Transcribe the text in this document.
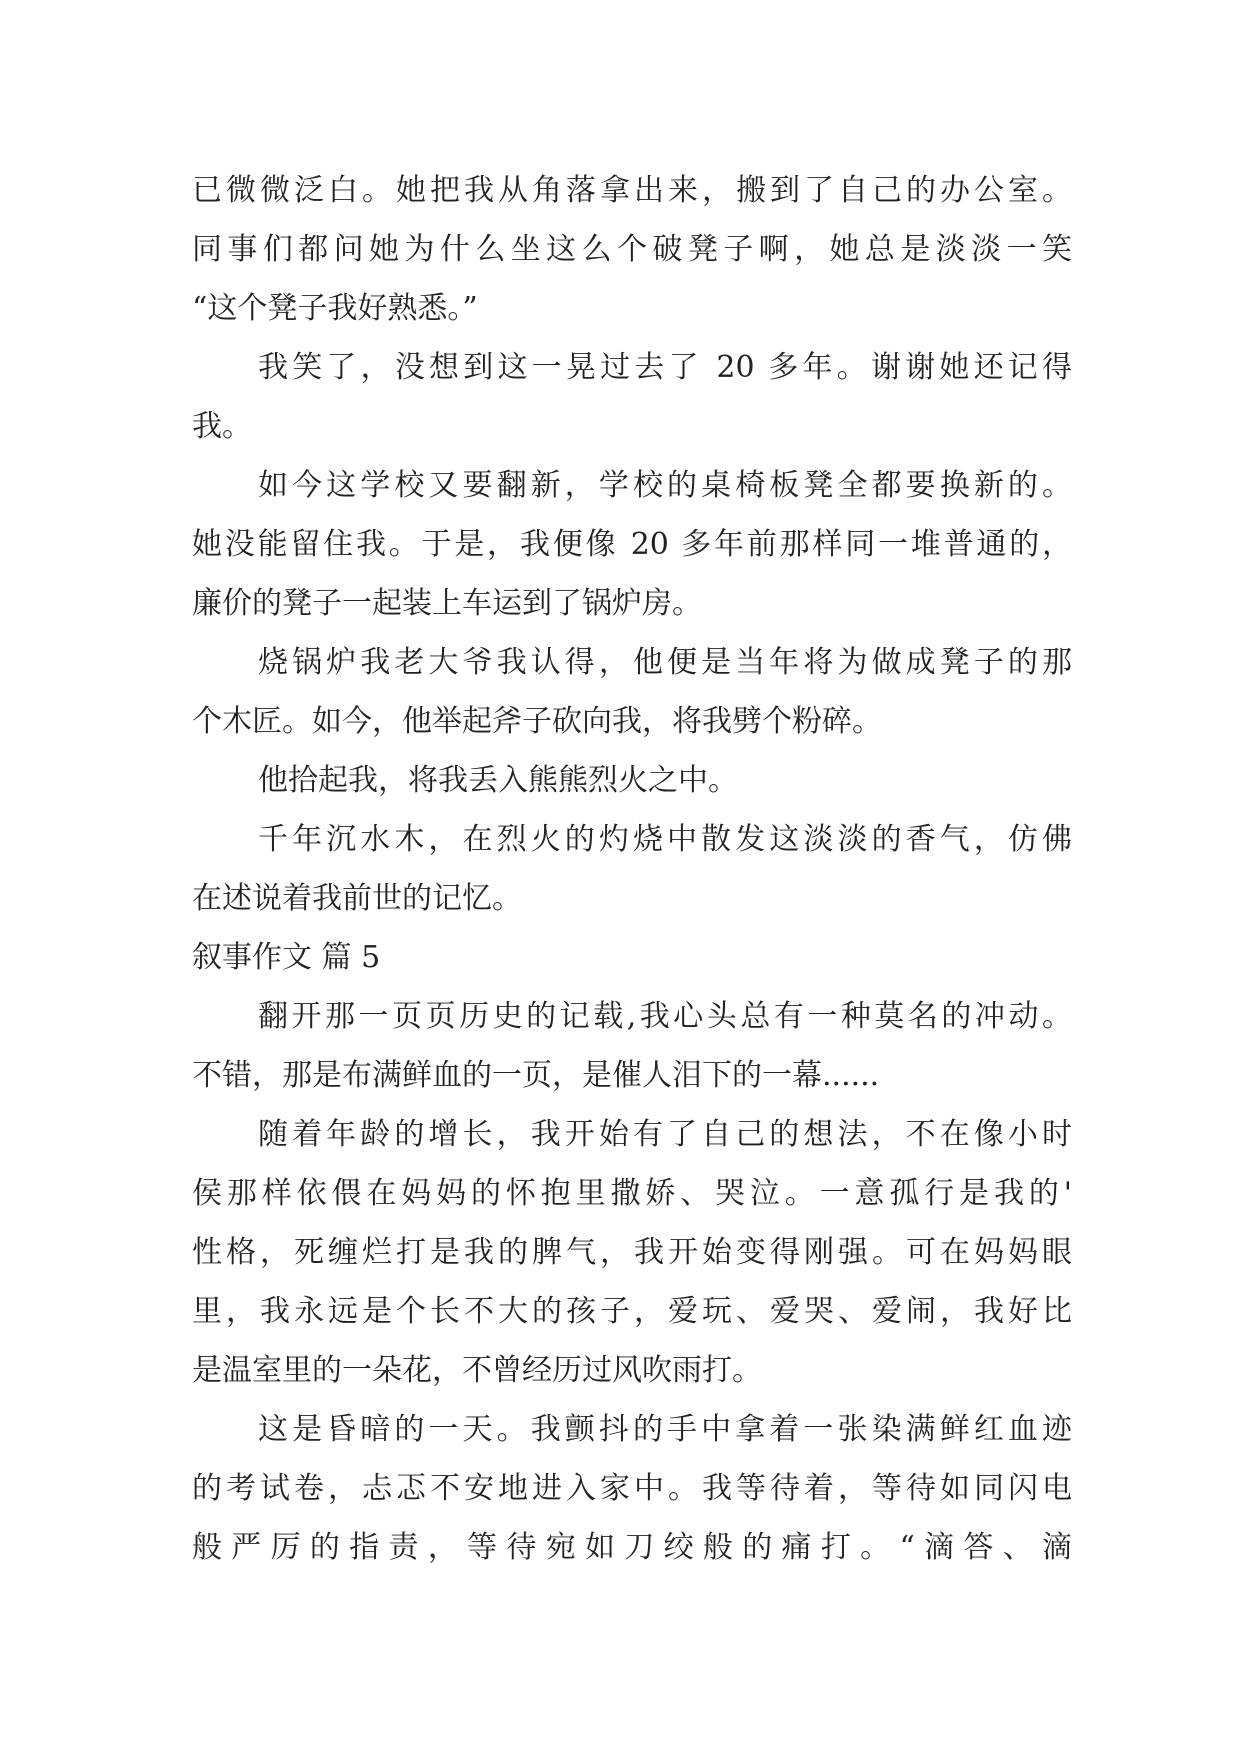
已微微泛白。她把我从角落拿出来，搬到了自己的办公室。
同事们都问她为什么坐这么个破凳子啊，她总是淡淡一笑
“这个凳子我好熟悉。”
我笑了，没想到这一晃过去了 20 多年。谢谢她还记得
我。
如今这学校又要翻新，学校的桌椅板凳全都要换新的。
她没能留住我。于是，我便像 20 多年前那样同一堆普通的，
廉价的凳子一起装上车运到了锅炉房。
烧锅炉我老大爷我认得，他便是当年将为做成凳子的那
个木匠。如今，他举起斧子砍向我，将我劈个粉碎。
他拾起我，将我丢入熊熊烈火之中。
千年沉水木，在烈火的灼烧中散发这淡淡的香气，仿佛
在述说着我前世的记忆。
叙事作文 篇 5
翻开那一页页历史的记载,我心头总有一种莫名的冲动。
不错，那是布满鲜血的一页，是催人泪下的一幕......
随着年龄的增长，我开始有了自己的想法，不在像小时
侯那样依偎在妈妈的怀抱里撒娇、哭泣。一意孤行是我的'
性格，死缠烂打是我的脾气，我开始变得刚强。可在妈妈眼
里，我永远是个长不大的孩子，爱玩、爱哭、爱闹，我好比
是温室里的一朵花，不曾经历过风吹雨打。
这是昏暗的一天。我颤抖的手中拿着一张染满鲜红血迹
的考试卷，忐忑不安地进入家中。我等待着，等待如同闪电
般严厉的指责，等待宛如刀绞般的痛打。“滴答、滴
